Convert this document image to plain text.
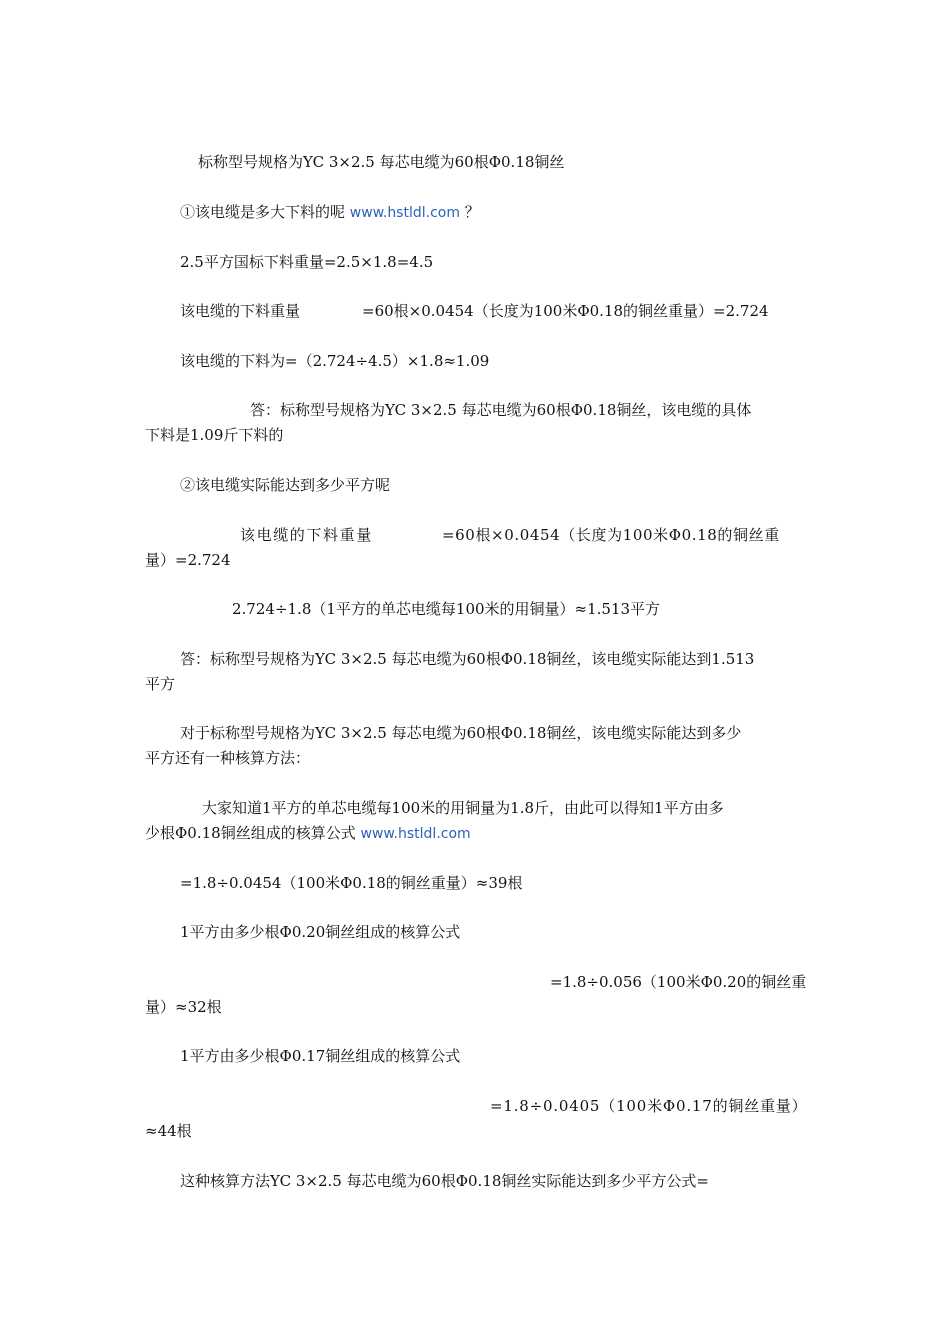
标称型号规格为YC 3×2.5 每芯电缆为60根Φ0.18铜丝
①该电缆是多大下料的呢 www.hstldl.com ？
2.5平方国标下料重量=2.5×1.8=4.5
该电缆的下料重量	=60根×0.0454（长度为100米Φ0.18的铜丝重量）=2.724
该电缆的下料为=（2.724÷4.5）×1.8≈1.09
答：标称型号规格为YC 3×2.5 每芯电缆为60根Φ0.18铜丝，该电缆的具体
下料是1.09斤下料的
②该电缆实际能达到多少平方呢
该电缆的下料重量	=60根×0.0454（长度为100米Φ0.18的铜丝重
量）=2.724
2.724÷1.8（1平方的单芯电缆每100米的用铜量）≈1.513平方
答：标称型号规格为YC 3×2.5 每芯电缆为60根Φ0.18铜丝，该电缆实际能达到1.513
平方
对于标称型号规格为YC 3×2.5 每芯电缆为60根Φ0.18铜丝，该电缆实际能达到多少
平方还有一种核算方法：
大家知道1平方的单芯电缆每100米的用铜量为1.8斤，由此可以得知1平方由多
少根Φ0.18铜丝组成的核算公式 www.hstldl.com
=1.8÷0.0454（100米Φ0.18的铜丝重量）≈39根
1平方由多少根Φ0.20铜丝组成的核算公式
=1.8÷0.056（100米Φ0.20的铜丝重
量）≈32根
1平方由多少根Φ0.17铜丝组成的核算公式
=1.8÷0.0405（100米Φ0.17的铜丝重量）
≈44根
这种核算方法YC 3×2.5 每芯电缆为60根Φ0.18铜丝实际能达到多少平方公式=
